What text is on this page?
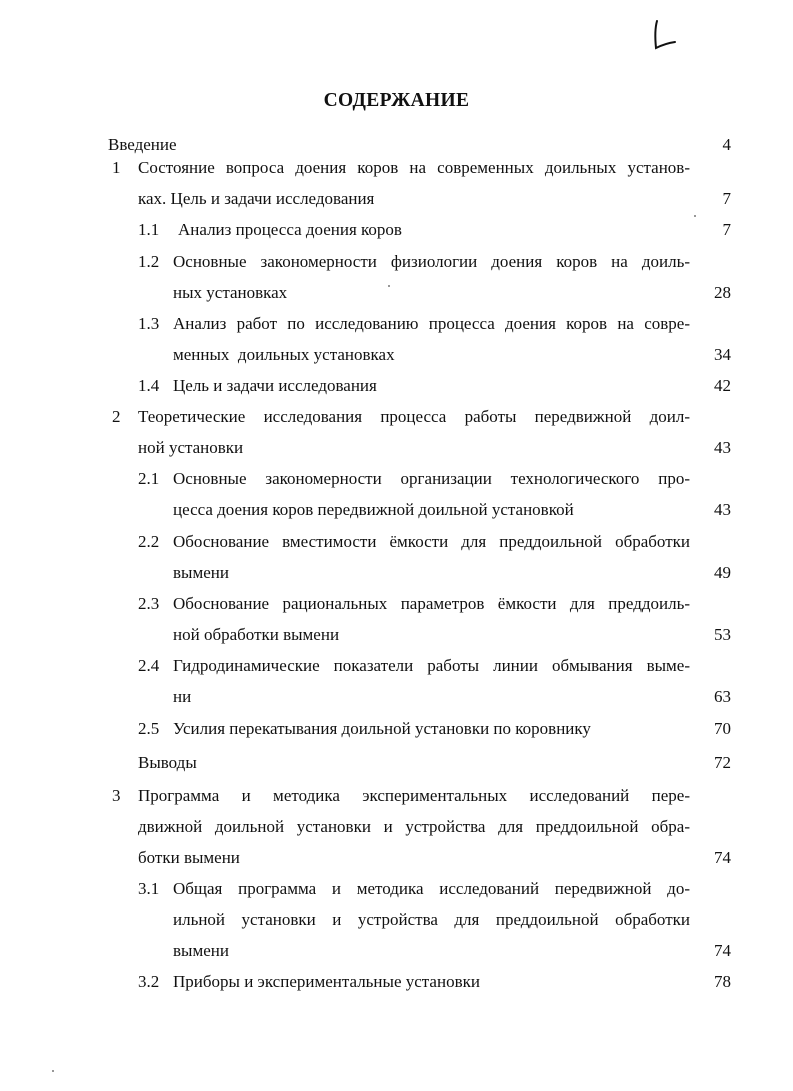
СОДЕРЖАНИЕ
Введение	4
1 Состояние вопроса доения коров на современных доильных установ-
ках. Цель и задачи исследования	7
1.1 Анализ процесса доения коров	7
1.2 Основные закономерности физиологии доения коров на доиль-
ных установках	28
1.3 Анализ работ по исследованию процесса доения коров на совре-
менных  доильных установках	34
1.4 Цель и задачи исследования	42
2 Теоретические исследования процесса работы передвижной доил-
ной установки	43
2.1 Основные закономерности организации технологического про-
цесса доения коров передвижной доильной установкой	43
2.2 Обоснование вместимости ёмкости для преддоильной обработки
вымени	49
2.3 Обоснование рациональных параметров ёмкости для преддоиль-
ной обработки вымени	53
2.4 Гидродинамические показатели работы линии обмывания выме-
ни	63
2.5 Усилия перекатывания доильной установки по коровнику	70
Выводы	72
3 Программа и методика экспериментальных исследований пере-
движной доильной установки и устройства для преддоильной обра-
ботки вымени	74
3.1 Общая программа и методика исследований передвижной до-
ильной установки и устройства для преддоильной обработки
вымени	74
3.2 Приборы и экспериментальные установки	78
